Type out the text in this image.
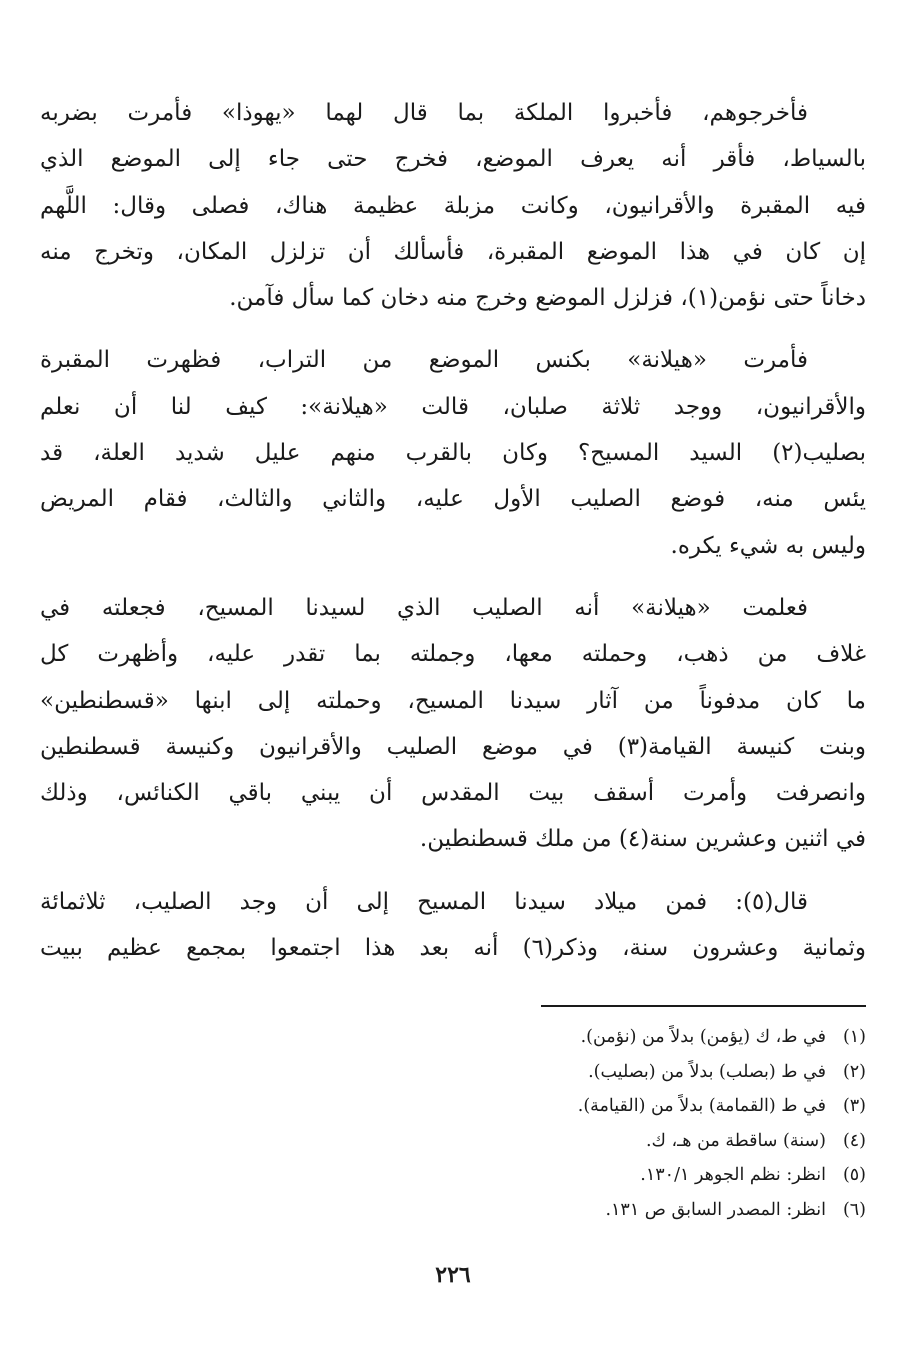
فأخرجوهم، فأخبروا الملكة بما قال لهما «يهوذا» فأمرت بضربه
بالسياط، فأقر أنه يعرف الموضع، فخرج حتى جاء إلى الموضع الذي
فيه المقبرة والأقرانيون، وكانت مزبلة عظيمة هناك، فصلى وقال: اللَّهم
إن كان في هذا الموضع المقبرة، فأسألك أن تزلزل المكان، وتخرج منه
دخاناً حتى نؤمن(١)، فزلزل الموضع وخرج منه دخان كما سأل فآمن.

فأمرت «هيلانة» بكنس الموضع من التراب، فظهرت المقبرة
والأقرانيون، ووجد ثلاثة صلبان، قالت «هيلانة»: كيف لنا أن نعلم
بصليب(٢) السيد المسيح؟ وكان بالقرب منهم عليل شديد العلة، قد
يئس منه، فوضع الصليب الأول عليه، والثاني والثالث، فقام المريض
وليس به شيء يكره.

فعلمت «هيلانة» أنه الصليب الذي لسيدنا المسيح، فجعلته في
غلاف من ذهب، وحملته معها، وجملته بما تقدر عليه، وأظهرت كل
ما كان مدفوناً من آثار سيدنا المسيح، وحملته إلى ابنها «قسطنطين»
وبنت كنيسة القيامة(٣) في موضع الصليب والأقرانيون وكنيسة قسطنطين
وانصرفت وأمرت أسقف بيت المقدس أن يبني باقي الكنائس، وذلك
في اثنين وعشرين سنة(٤) من ملك قسطنطين.

قال(٥): فمن ميلاد سيدنا المسيح إلى أن وجد الصليب، ثلاثمائة
وثمانية وعشرون سنة، وذكر(٦) أنه بعد هذا اجتمعوا بمجمع عظيم ببيت

(١)في ط، ك (يؤمن) بدلاً من (نؤمن).
(٢)في ط (بصلب) بدلاً من (بصليب).
(٣)في ط (القمامة) بدلاً من (القيامة).
(٤)(سنة) ساقطة من هـ، ك.
(٥)انظر: نظم الجوهر ١٣٠/١.
(٦)انظر: المصدر السابق ص ١٣١.
٢٢٦
